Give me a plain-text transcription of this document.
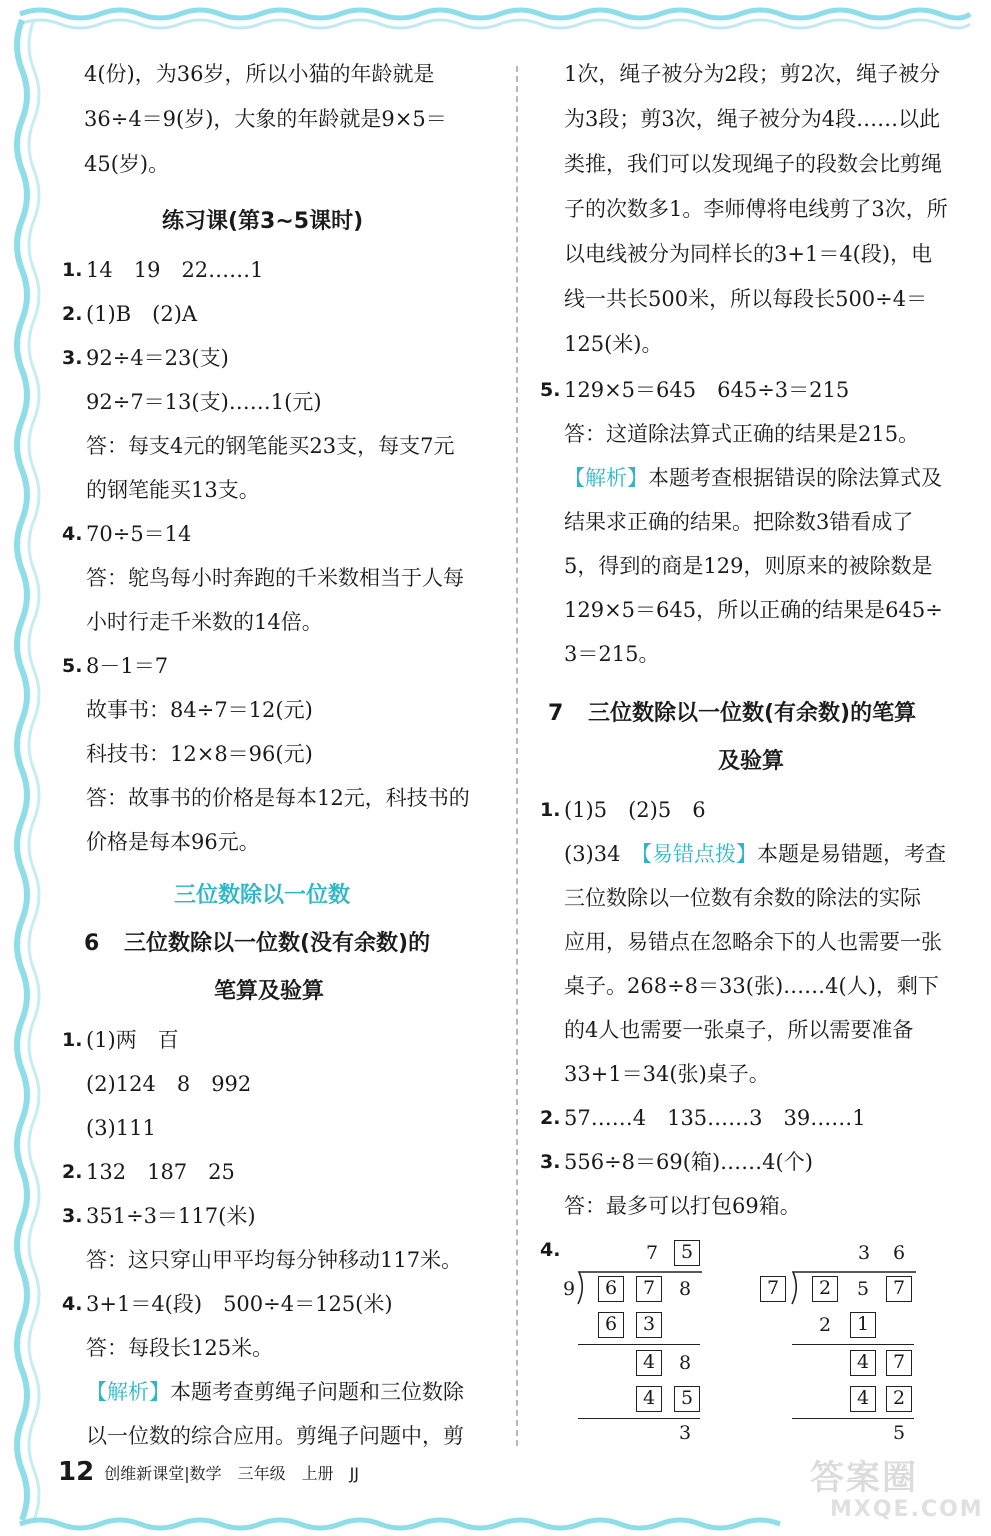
4(份)，为36岁，所以小猫的年龄就是
36÷4＝9(岁)，大象的年龄就是9×5＝
45(岁)。
练习课(第3~5课时)
1. 14　19　22……1
2. (1)B　(2)A
3. 92÷4＝23(支)
92÷7＝13(支)……1(元)
答：每支4元的钢笔能买23支，每支7元
的钢笔能买13支。
4. 70÷5＝14
答：鸵鸟每小时奔跑的千米数相当于人每
小时行走千米数的14倍。
5. 8－1＝7
故事书：84÷7＝12(元)
科技书：12×8＝96(元)
答：故事书的价格是每本12元，科技书的
价格是每本96元。
三位数除以一位数
6 三位数除以一位数(没有余数)的
笔算及验算
1. (1)两　百
(2)124　8　992
(3)111
2. 132　187　25
3. 351÷3＝117(米)
答：这只穿山甲平均每分钟移动117米。
4. 3+1＝4(段)　500÷4＝125(米)
答：每段长125米。
【解析】本题考查剪绳子问题和三位数除
以一位数的综合应用。剪绳子问题中，剪
1次，绳子被分为2段；剪2次，绳子被分
为3段；剪3次，绳子被分为4段……以此
类推，我们可以发现绳子的段数会比剪绳
子的次数多1。李师傅将电线剪了3次，所
以电线被分为同样长的3+1＝4(段)，电
线一共长500米，所以每段长500÷4＝
125(米)。
5. 129×5＝645　645÷3＝215
答：这道除法算式正确的结果是215。
【解析】本题考查根据错误的除法算式及
结果求正确的结果。把除数3错看成了
5，得到的商是129，则原来的被除数是
129×5＝645，所以正确的结果是645÷
3＝215。
7 三位数除以一位数(有余数)的笔算
及验算
1. (1)5　(2)5　6
(3)34　【易错点拨】本题是易错题，考查
三位数除以一位数有余数的除法的实际
应用，易错点在忽略余下的人也需要一张
桌子。268÷8＝33(张)……4(人)，剩下
的4人也需要一张桌子，所以需要准备
33+1＝34(张)桌子。
2. 57……4　135……3　39……1
3. 556÷8＝69(箱)……4(个)
答：最多可以打包69箱。
4.	7	5
9	6	7	8
6	3
4	8
4	5
3
3 6
7	2	5	7
2	1
4	7
4	2
5
12 创维新课堂|数学　三年级　上册　JJ	答案圈
MXQE.COM
